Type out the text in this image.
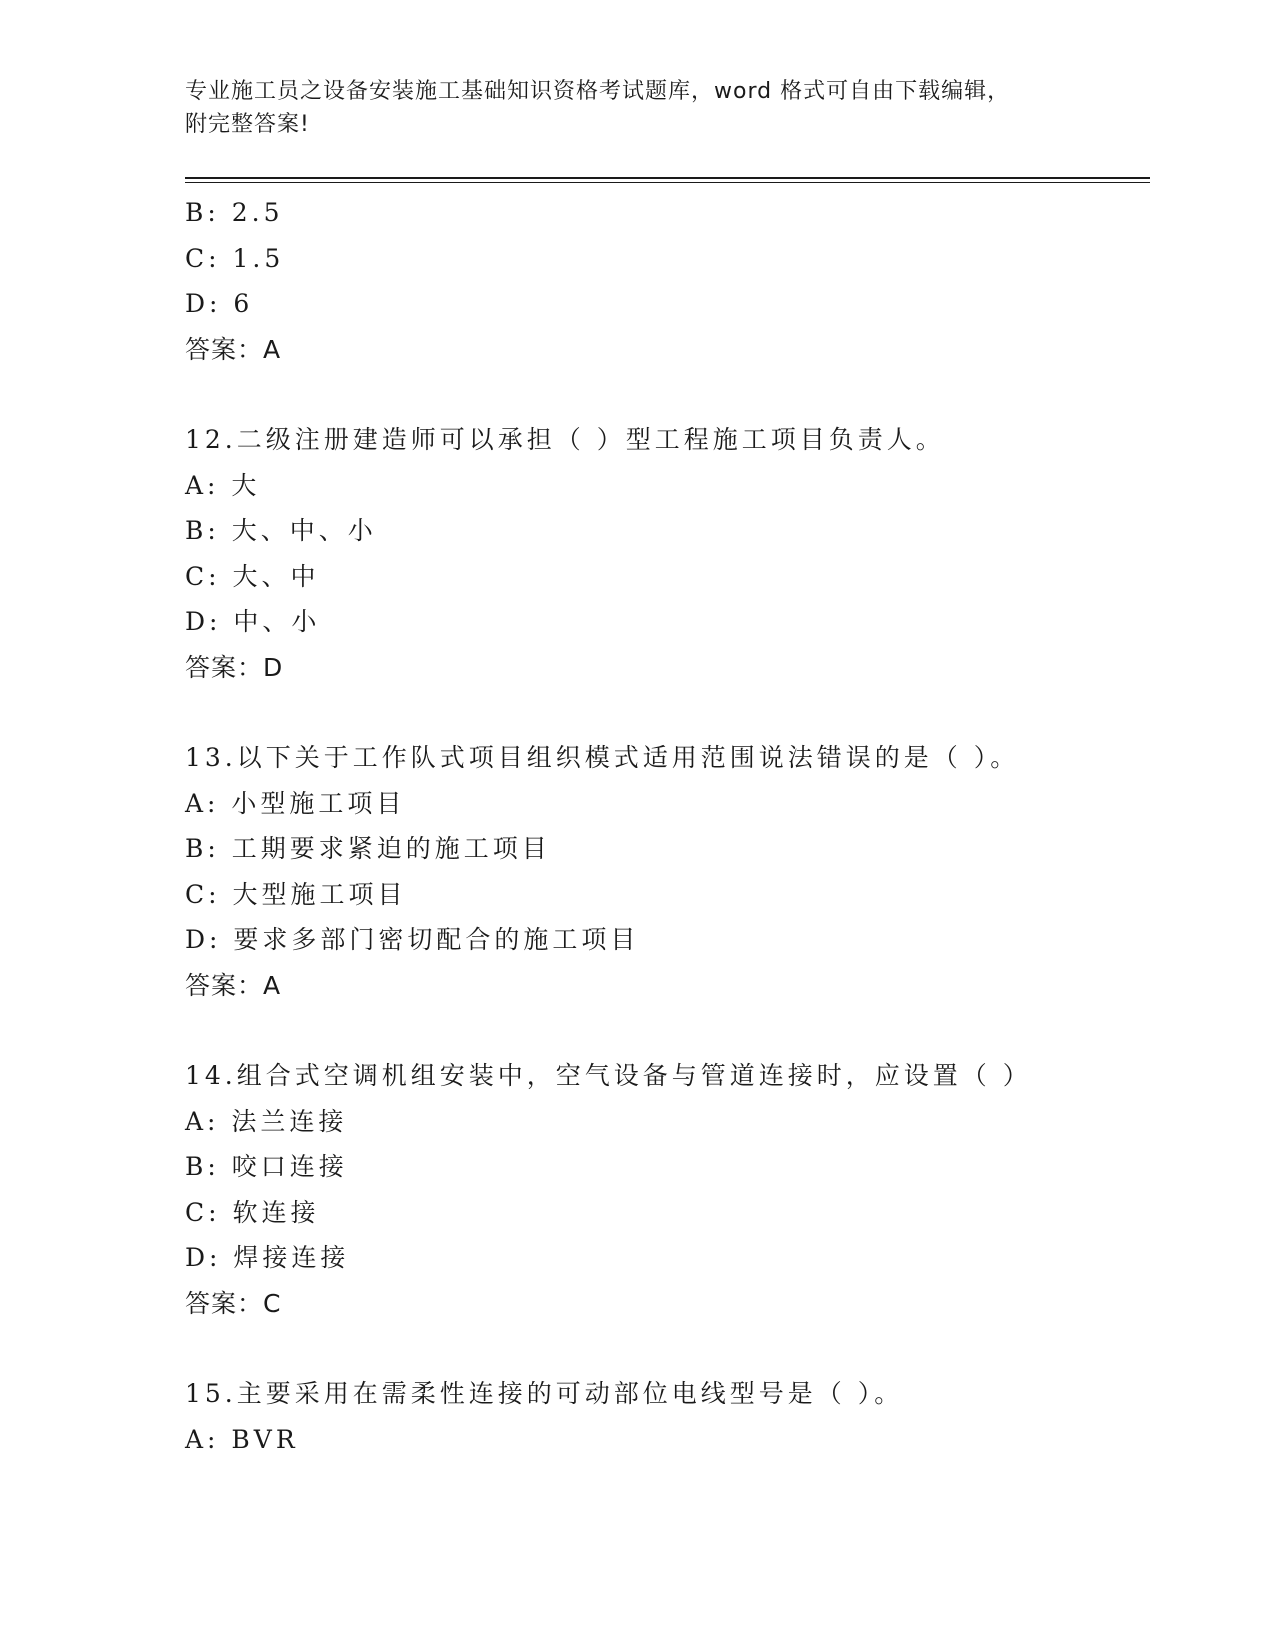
专业施工员之设备安装施工基础知识资格考试题库，word 格式可自由下载编辑，
附完整答案!
B: 2.5
C: 1.5
D: 6
答案：A
12.二级注册建造师可以承担（ ）型工程施工项目负责人。
A: 大
B: 大、中、小
C: 大、中
D: 中、小
答案：D
13.以下关于工作队式项目组织模式适用范围说法错误的是（ ）。
A: 小型施工项目
B: 工期要求紧迫的施工项目
C: 大型施工项目
D: 要求多部门密切配合的施工项目
答案：A
14.组合式空调机组安装中，空气设备与管道连接时，应设置（ ）
A: 法兰连接
B: 咬口连接
C: 软连接
D: 焊接连接
答案：C
15.主要采用在需柔性连接的可动部位电线型号是（ ）。
A: BVR
